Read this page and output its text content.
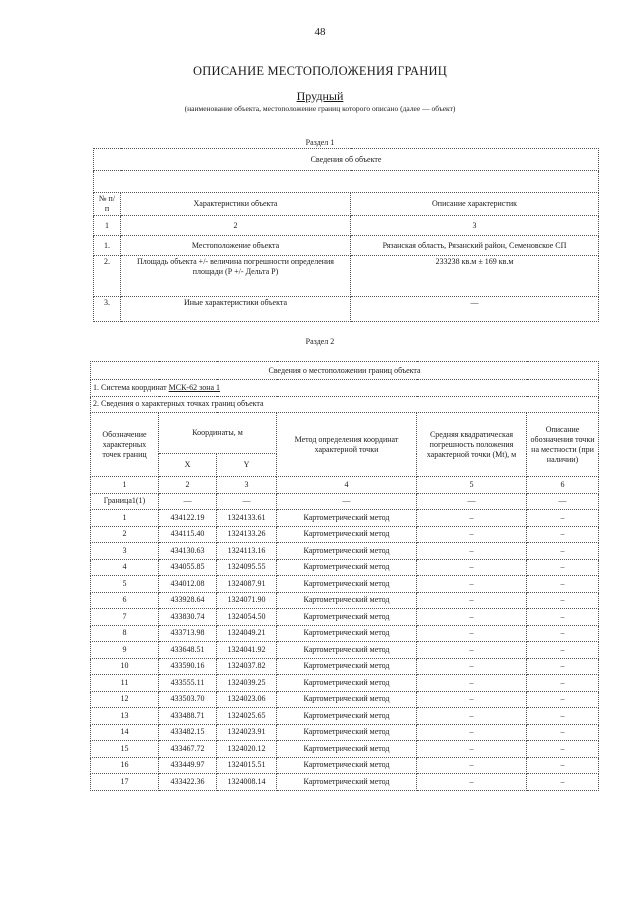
48
ОПИСАНИЕ МЕСТОПОЛОЖЕНИЯ ГРАНИЦ
Прудный
(наименование объекта, местоположение границ которого описано (далее — объект)
Раздел 1
Сведения об объекте		

№ п/п	Характеристики объекта	Описание характеристик
1	2	3
1.	Местоположение объекта	Рязанская область, Рязанский район, Семеновское СП
2.	Площадь объекта +/- величина погрешности определения площади (Р +/- Дельта Р)	233238 кв.м ± 169 кв.м
3.	Иные характеристики объекта	—
Раздел 2
Сведения о местоположении границ объекта					
1. Система координат МСК-62 зона 1					
2. Сведения о характерных точках границ объекта					
Обозначение характерных точек границ	Координаты, м		Метод определения координат характерной точки	Средняя квадратическая погрешность положения характерной точки (Mt), м	Описание обозначения точки на местности (при наличии)
	X	Y			
1	2	3	4	5	6
Граница1(1)	—	—	—	—	—
1	434122.19	1324133.61	Картометрический метод	–	–
2	434115.40	1324133.26	Картометрический метод	–	–
3	434130.63	1324113.16	Картометрический метод	–	–
4	434055.85	1324095.55	Картометрический метод	–	–
5	434012.08	1324087.91	Картометрический метод	–	–
6	433928.64	1324071.90	Картометрический метод	–	–
7	433830.74	1324054.50	Картометрический метод	–	–
8	433713.98	1324049.21	Картометрический метод	–	–
9	433648.51	1324041.92	Картометрический метод	–	–
10	433590.16	1324037.82	Картометрический метод	–	–
11	433555.11	1324039.25	Картометрический метод	–	–
12	433503.70	1324023.06	Картометрический метод	–	–
13	433488.71	1324025.65	Картометрический метод	–	–
14	433482.15	1324023.91	Картометрический метод	–	–
15	433467.72	1324020.12	Картометрический метод	–	–
16	433449.97	1324015.51	Картометрический метод	–	–
17	433422.36	1324008.14	Картометрический метод	–	–
